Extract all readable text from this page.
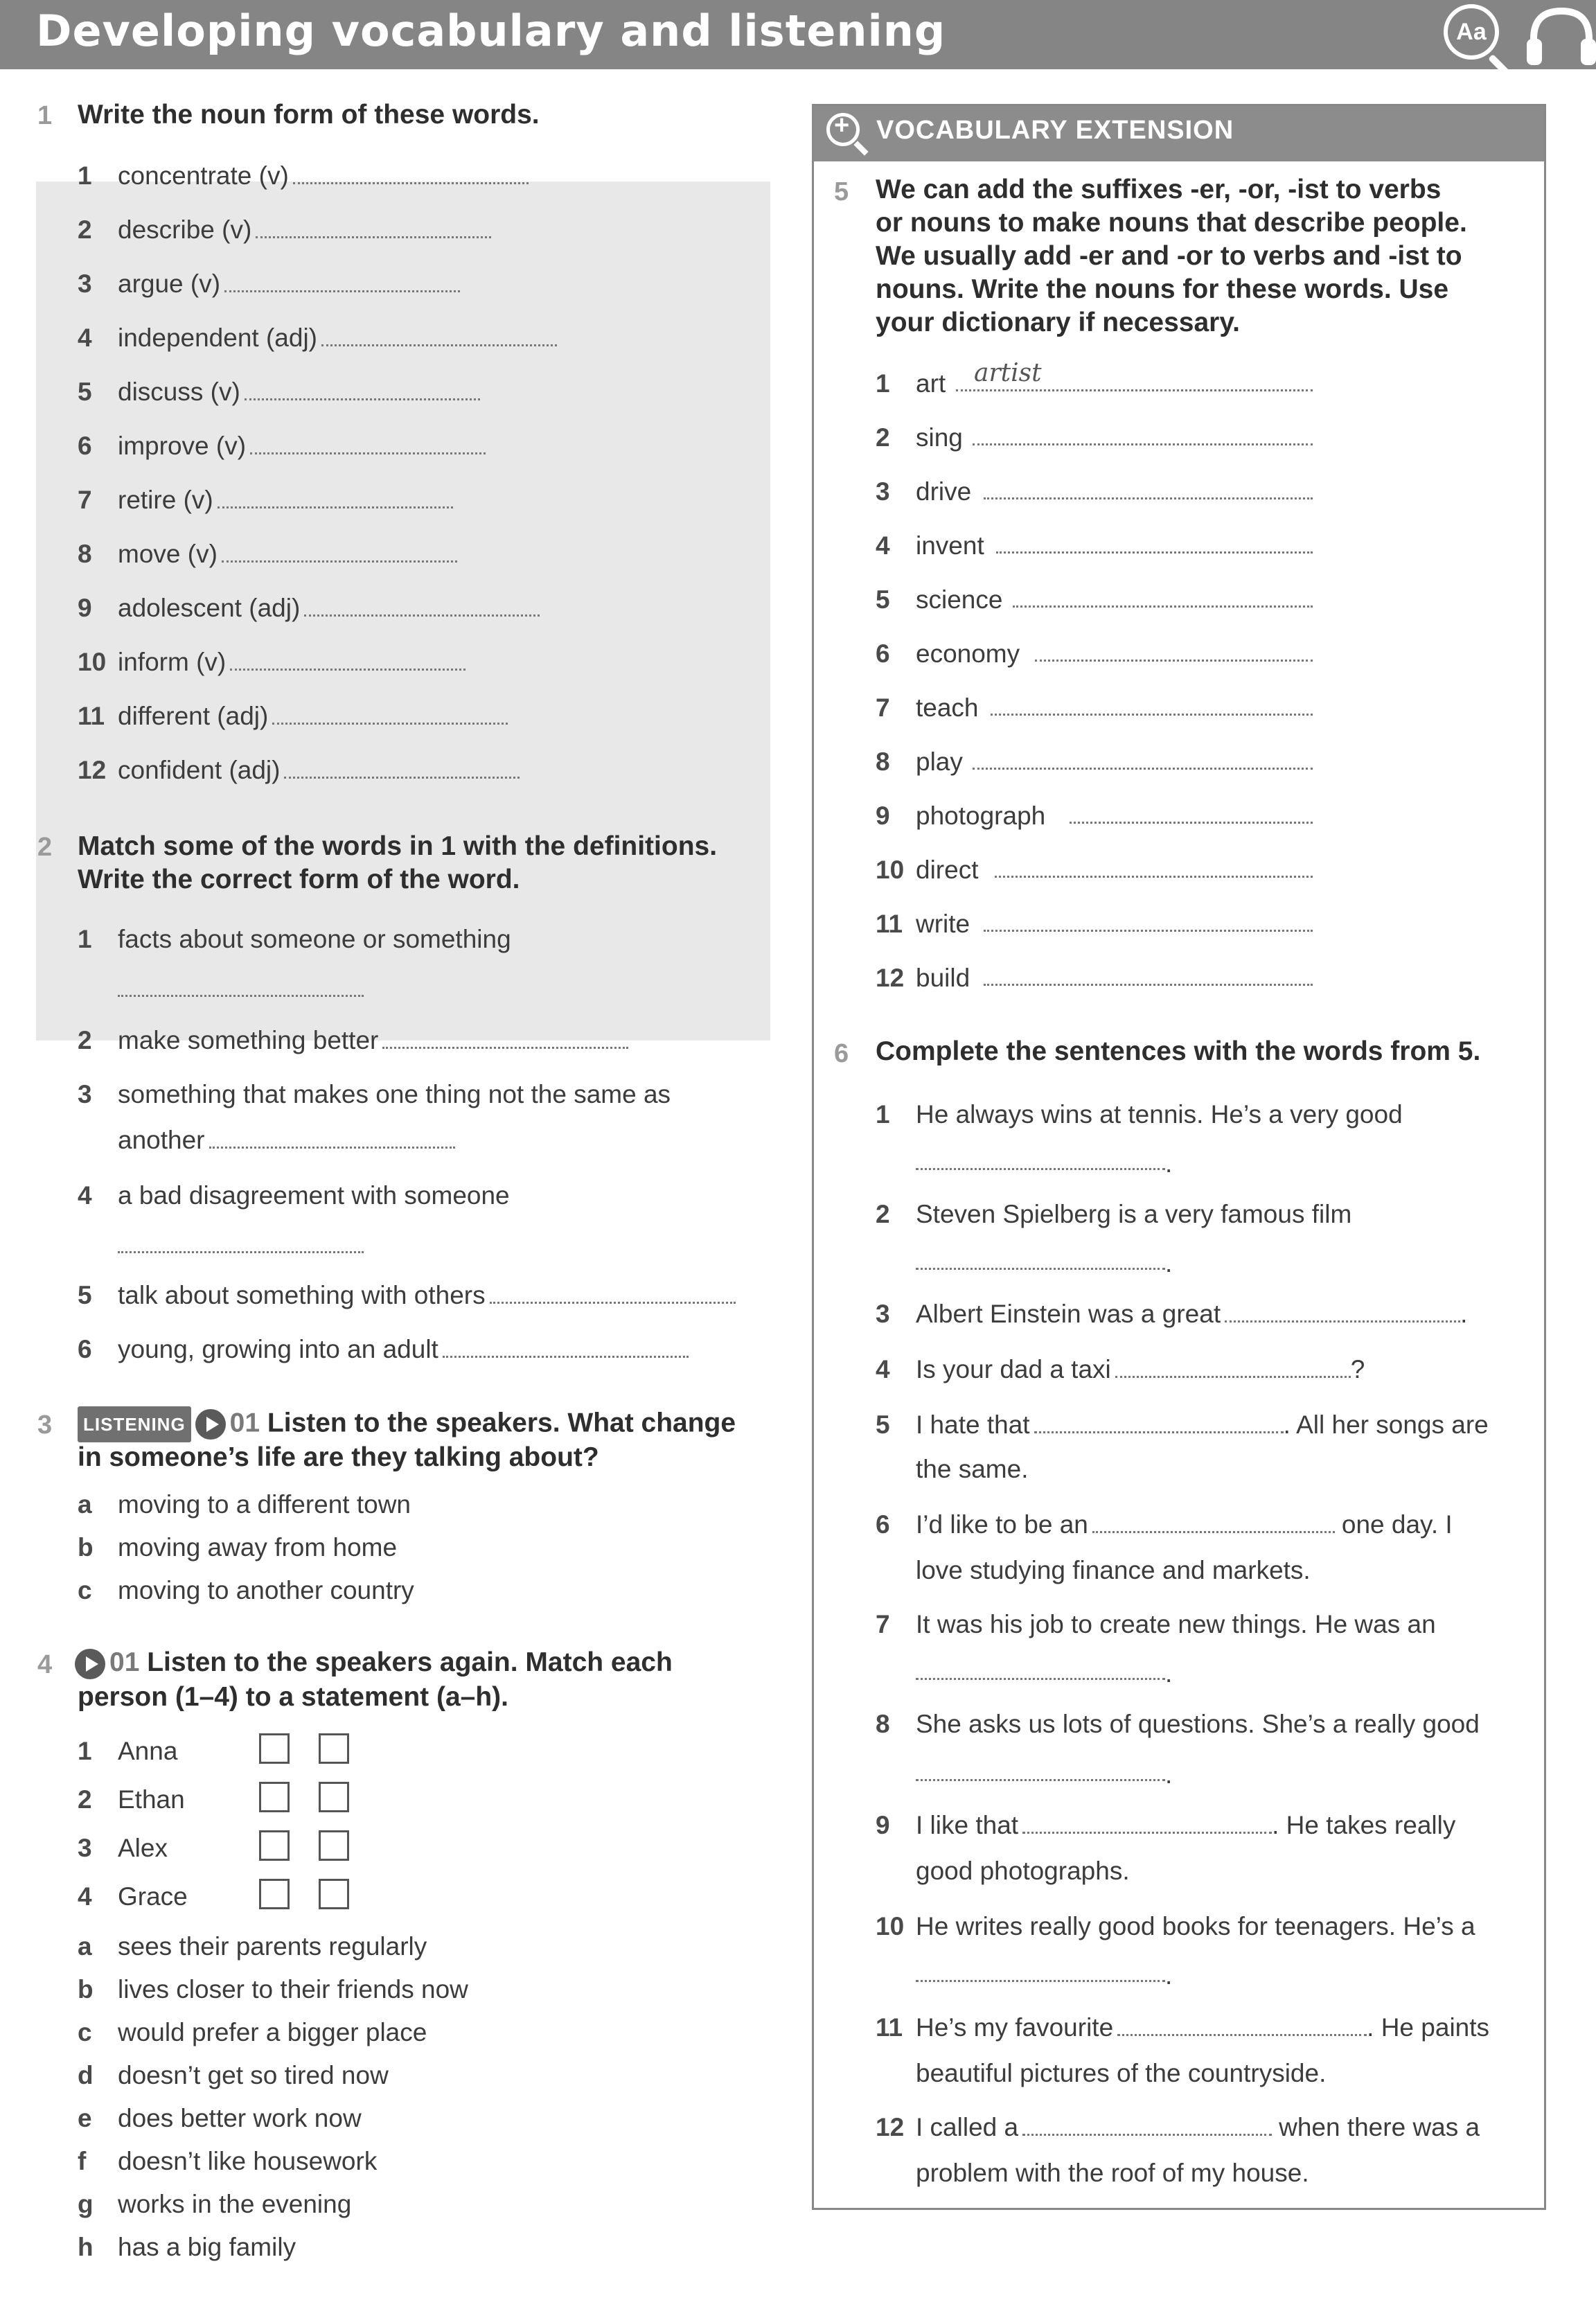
Developing vocabulary and listening	Aa
1 Write the noun form of these words.
1 concentrate (v)
2 describe (v)
3 argue (v)
4 independent (adj)
5 discuss (v)
6 improve (v)
7 retire (v)
8 move (v)
9 adolescent (adj)
10 inform (v)
11 different (adj)
12 confident (adj)
2 Match some of the words in 1 with the definitions.
Write the correct form of the word.
1 facts about someone or something
2 make something better
3 something that makes one thing not the same as
another
4 a bad disagreement with someone
5 talk about something with others
6 young, growing into an adult
3	LISTENING 01 Listen to the speakers. What change
in someone’s life are they talking about?
a moving to a different town
b moving away from home
c moving to another country
4	01 Listen to the speakers again. Match each
person (1–4) to a statement (a–h).
1 Anna
2 Ethan
3 Alex
4 Grace
a sees their parents regularly
b lives closer to their friends now
c would prefer a bigger place
d doesn’t get so tired now
e does better work now
f doesn’t like housework
g works in the evening
h has a big family
+
VOCABULARY EXTENSION
5 We can add the suffixes -er, -or, -ist to verbs
or nouns to make nouns that describe people.
We usually add -er and -or to verbs and -ist to
nouns. Write the nouns for these words. Use
your dictionary if necessary.
1 art artist
2 sing
3 drive
4 invent
5 science
6 economy
7 teach
8 play
9 photograph
10 direct
11 write
12 build
6 Complete the sentences with the words from 5.
1 He always wins at tennis. He’s a very good
.
2 Steven Spielberg is a very famous film
.
3 Albert Einstein was a great	.
4 Is your dad a taxi	?
5 I hate that	. All her songs are
the same.
6 I’d like to be an	one day. I
love studying finance and markets.
7 It was his job to create new things. He was an
.
8 She asks us lots of questions. She’s a really good
.
9 I like that	. He takes really
good photographs.
10 He writes really good books for teenagers. He’s a
.
11 He’s my favourite	. He paints
beautiful pictures of the countryside.
12 I called a	when there was a
problem with the roof of my house.
